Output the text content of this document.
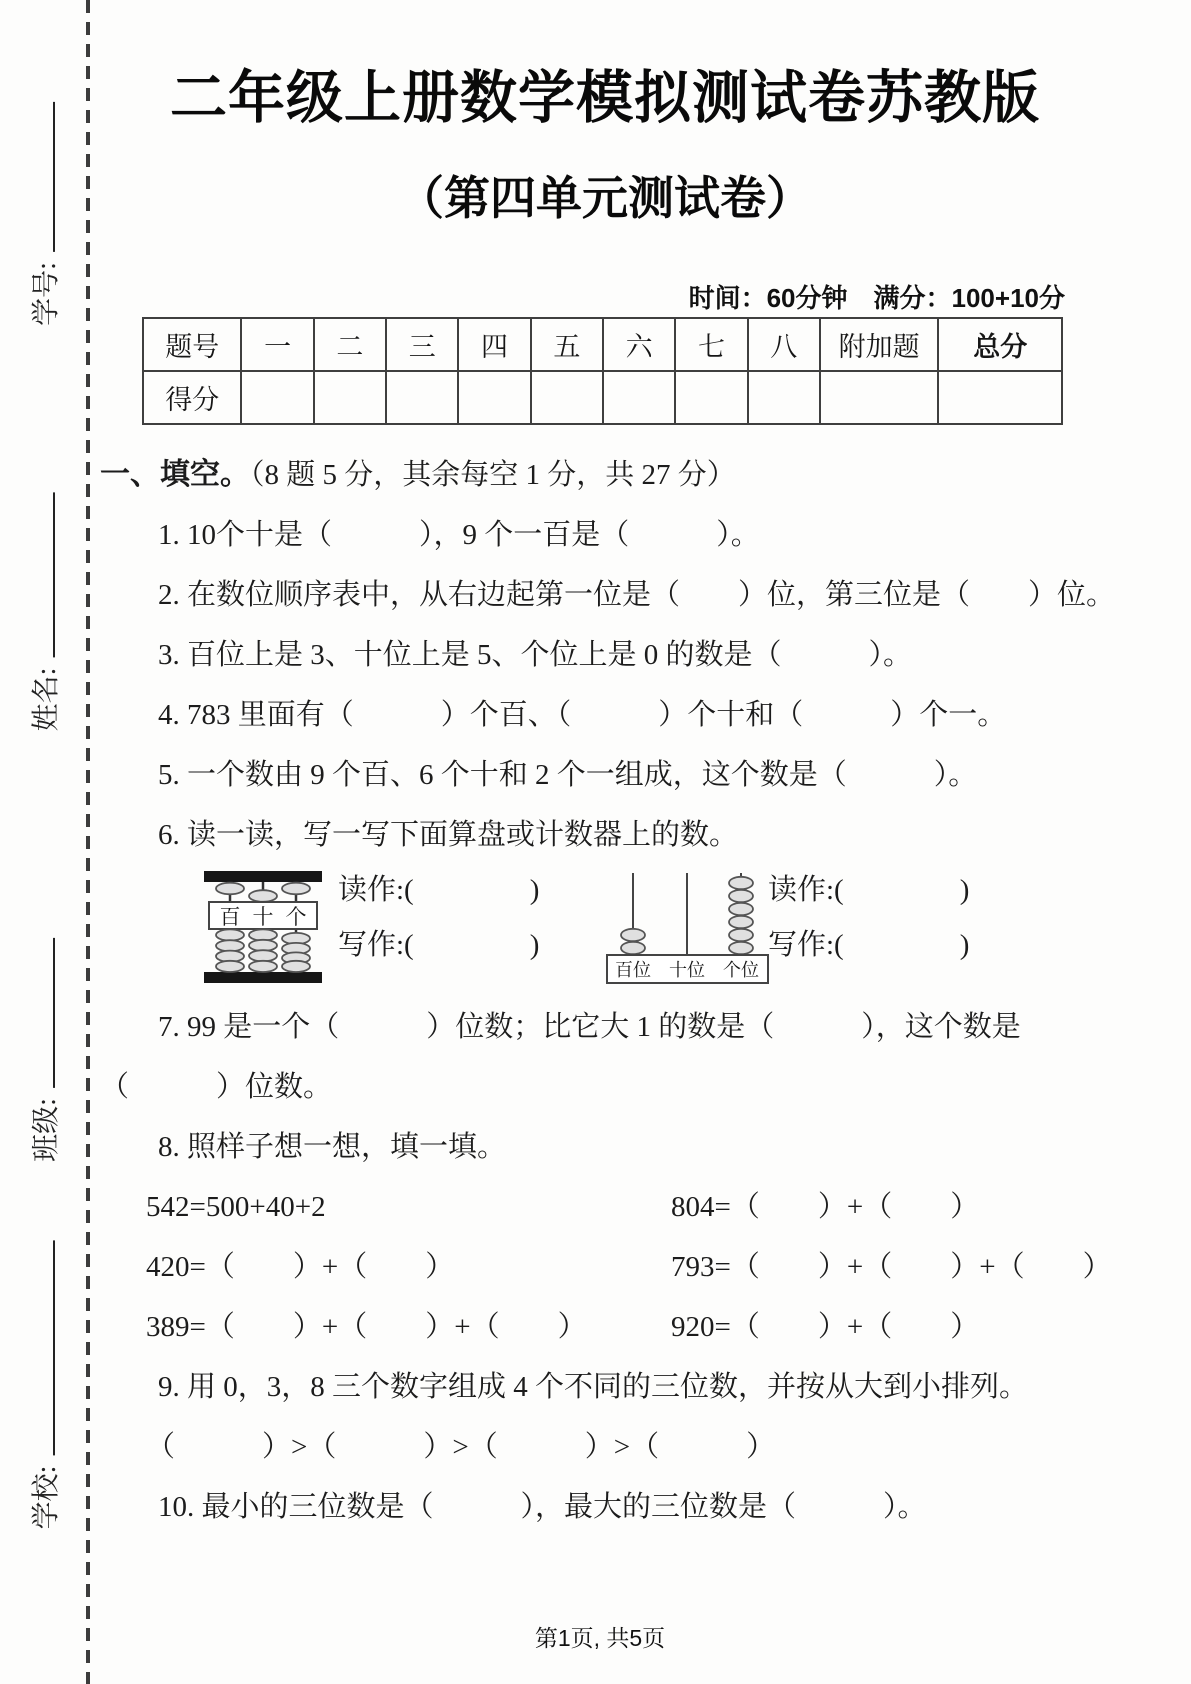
学号:
姓名:
班级:
学校:
二年级上册数学模拟测试卷苏教版
（第四单元测试卷）
时间：60分钟　满分：100+10分
题号	一	二	三	四	五	六	七	八	附加题	总分
得分										

一、填空。（8 题 5 分，其余每空 1 分，共 27 分）

1. 10个十是（　　　），9 个一百是（　　　）。

2. 在数位顺序表中，从右边起第一位是（　　）位，第三位是（　　）位。

3. 百位上是 3、十位上是 5、个位上是 0 的数是（　　　）。

4. 783 里面有（　　　）个百、（　　　）个十和（　　　）个一。

5. 一个数由 9 个百、6 个十和 2 个一组成，这个数是（　　　）。

6. 读一读，写一写下面算盘或计数器上的数。

百 十 个

读作:(　　　　)

写作:(　　　　)

百位 十位 个位

读作:(　　　　)

写作:(　　　　)

7. 99 是一个（　　　）位数；比它大 1 的数是（　　　），这个数是

（　　　）位数。

8. 照样子想一想，填一填。

542=500+40+2	804=（　　）+（　　）
420=（　　）+（　　）	793=（　　）+（　　）+（　　）
389=（　　）+（　　）+（　　）	920=（　　）+（　　）

9. 用 0，3，8 三个数字组成 4 个不同的三位数，并按从大到小排列。

（　　　）>（　　　）>（　　　）>（　　　）

10. 最小的三位数是（　　　），最大的三位数是（　　　）。

第1页, 共5页
